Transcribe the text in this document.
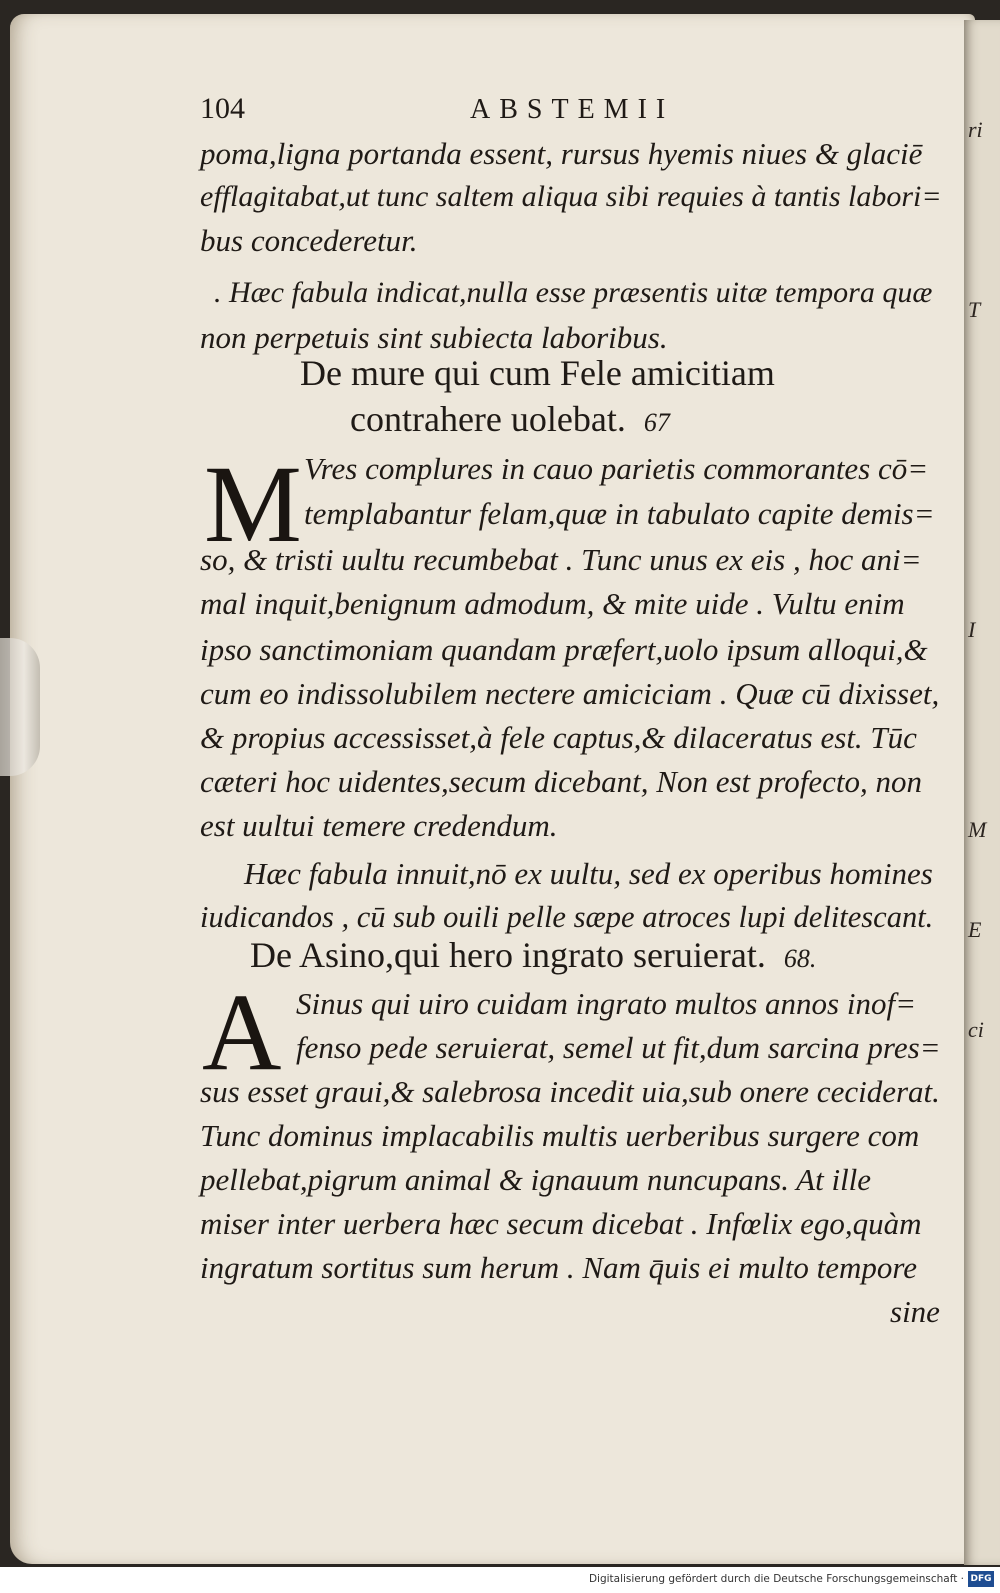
ri
T
I
M
E
ci
104	ABSTEMII
poma,ligna portanda essent, rursus hyemis niues & glaciē
efflagitabat,ut tunc saltem aliqua sibi requies à tantis labori=
bus concederetur.
. Hæc fabula indicat,nulla esse præsentis uitæ tempora quæ
non perpetuis sint subiecta laboribus.
De mure qui cum Fele amicitiam
contrahere uolebat. 67
M Vres complures in cauo parietis commorantes cō=
templabantur felam,quæ in tabulato capite demis=
so, & tristi uultu recumbebat . Tunc unus ex eis , hoc ani=
mal inquit,benignum admodum, & mite uide . Vultu enim
ipso sanctimoniam quandam præfert,uolo ipsum alloqui,&
cum eo indissolubilem nectere amiciciam . Quæ cū dixisset,
& propius accessisset,à fele captus,& dilaceratus est. Tūc
cæteri hoc uidentes,secum dicebant, Non est profecto, non
est uultui temere credendum.
Hæc fabula innuit,nō ex uultu, sed ex operibus homines
iudicandos , cū sub ouili pelle sæpe atroces lupi delitescant.
De Asino,qui hero ingrato seruierat. 68.
A Sinus qui uiro cuidam ingrato multos annos inof=
fenso pede seruierat, semel ut fit,dum sarcina pres=
sus esset graui,& salebrosa incedit uia,sub onere ceciderat.
Tunc dominus implacabilis multis uerberibus surgere com
pellebat,pigrum animal & ignauum nuncupans. At ille
miser inter uerbera hæc secum dicebat . Infœlix ego,quàm
ingratum sortitus sum herum . Nam q̄uis ei multo tempore
sine
Digitalisierung gefördert durch die Deutsche Forschungsgemeinschaft · DFG
